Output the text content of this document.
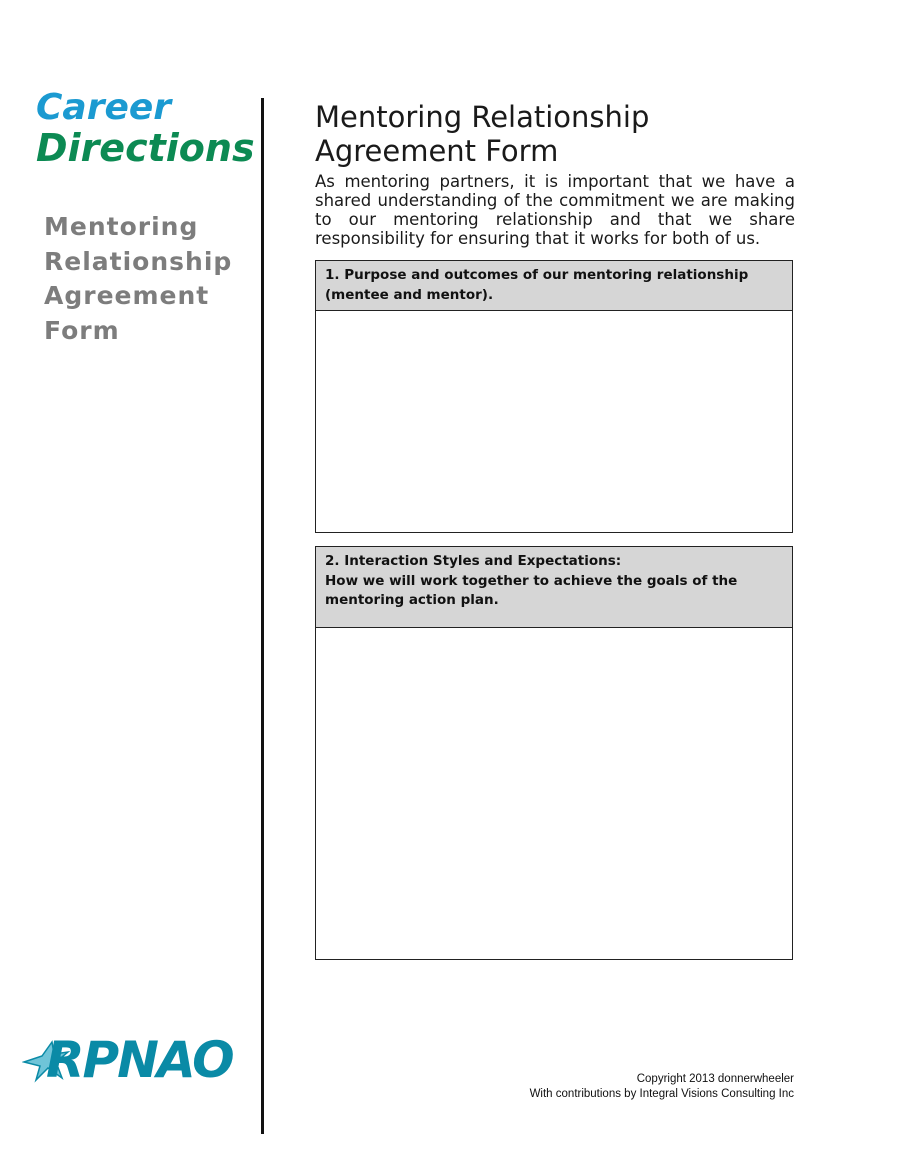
Career
Directions
Mentoring
Relationship
Agreement
Form
RPNAO
Mentoring Relationship Agreement Form

As mentoring partners, it is important that we have a shared understanding of the commitment we are making to our mentoring relationship and that we share responsibility for ensuring that it works for both of us.

1. Purpose and outcomes of our mentoring relationship (mentee and mentor).
2. Interaction Styles and Expectations:
How we will work together to achieve the goals of the mentoring action plan.
Copyright 2013 donnerwheeler
With contributions by Integral Visions Consulting Inc
